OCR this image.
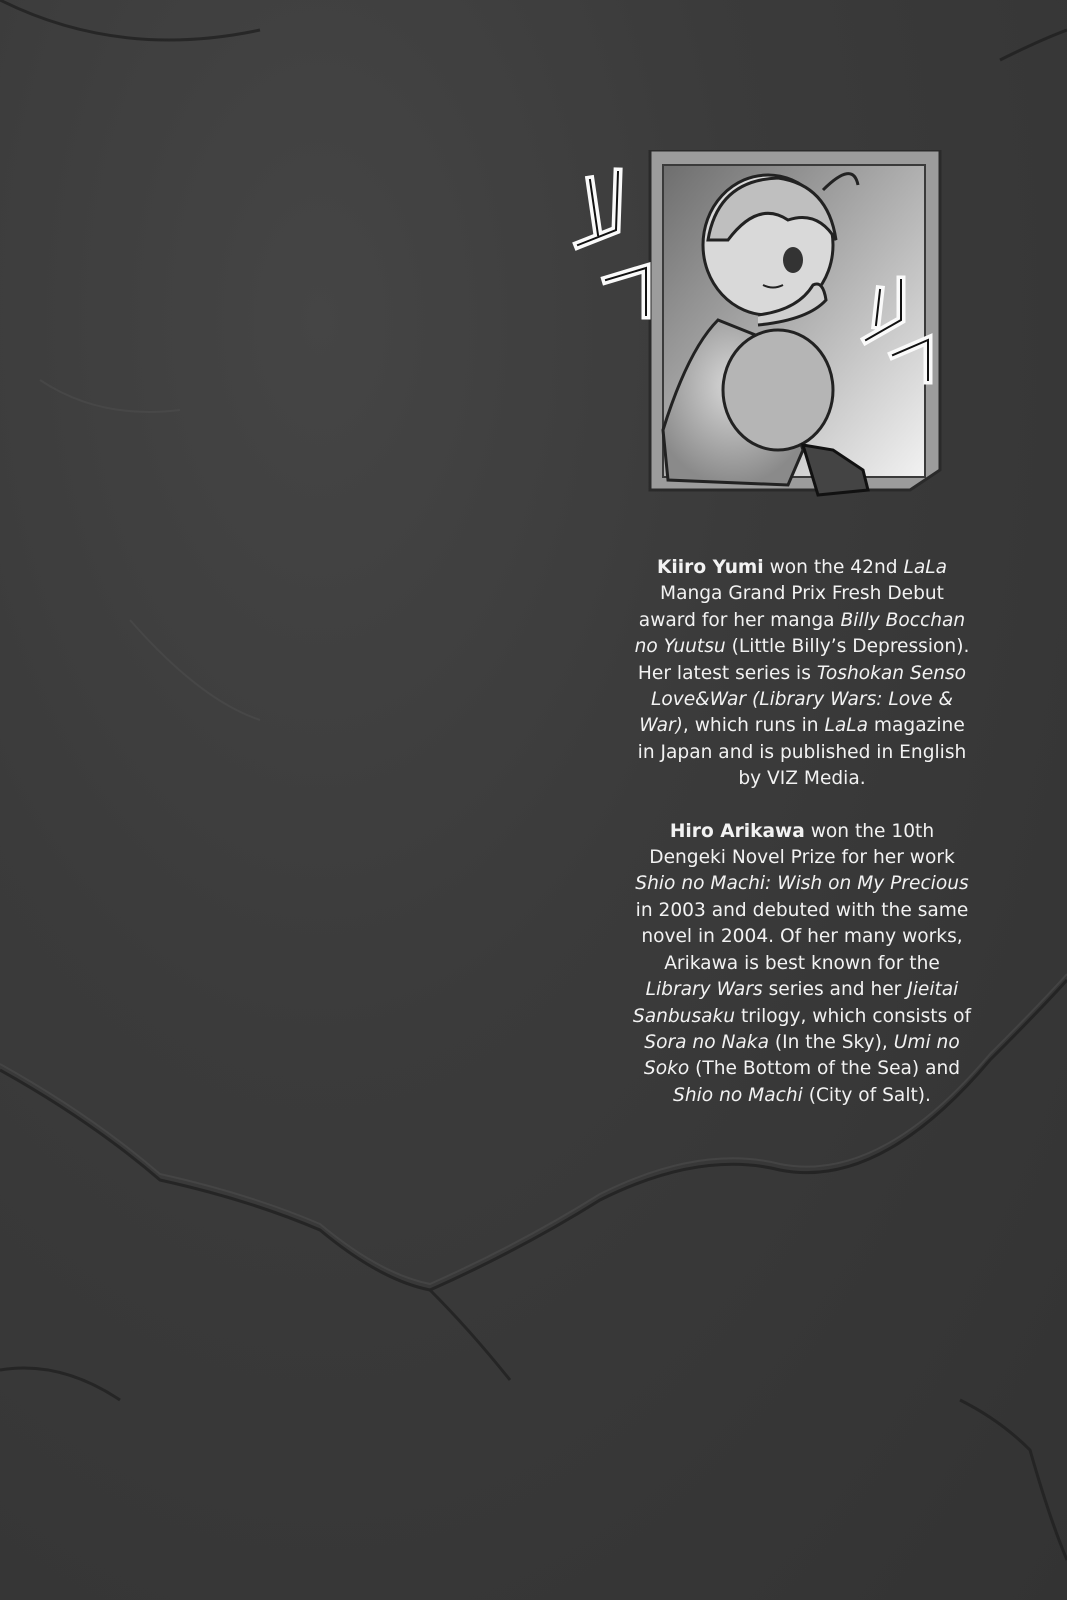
Kiiro Yumi won the 42nd LaLa Manga Grand Prix Fresh Debut award for her manga Billy Bocchan no Yuutsu (Little Billy’s Depression). Her latest series is Toshokan Senso Love&War (Library Wars: Love & War), which runs in LaLa magazine in Japan and is published in English by VIZ Media.

Hiro Arikawa won the 10th Dengeki Novel Prize for her work Shio no Machi: Wish on My Precious in 2003 and debuted with the same novel in 2004. Of her many works, Arikawa is best known for the Library Wars series and her Jieitai Sanbusaku trilogy, which consists of Sora no Naka (In the Sky), Umi no Soko (The Bottom of the Sea) and Shio no Machi (City of Salt).
